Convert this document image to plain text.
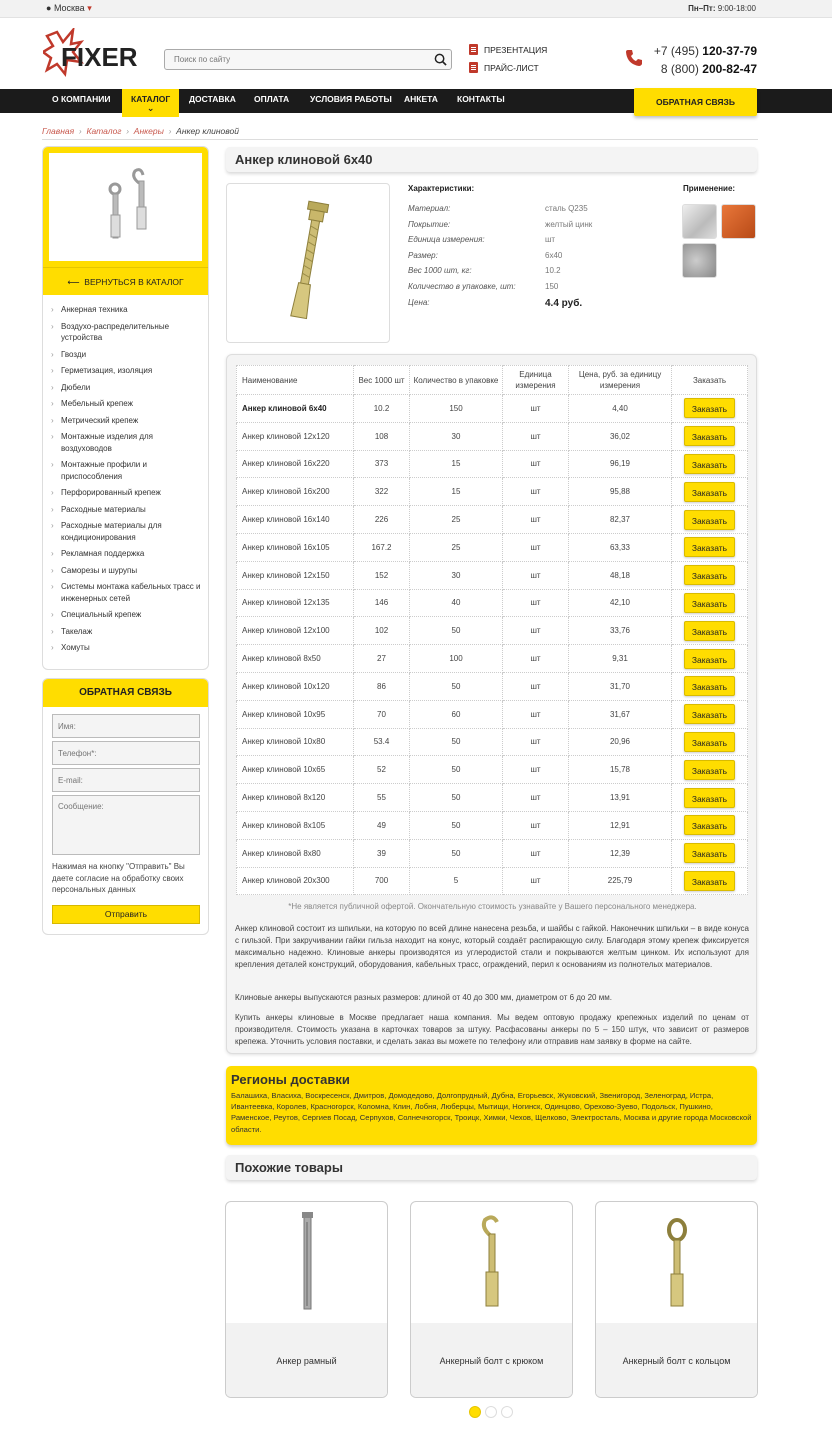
● Москва ▾	Пн–Пт: 9:00-18:00
FIXER
Поиск по сайту	ПРЕЗЕНТАЦИЯ
ПРАЙС-ЛИСТ
+7 (495) 120-37-79
8 (800) 200-82-47
О КОМПАНИИ	КАТАЛОГ ⌄	ДОСТАВКА	ОПЛАТА	УСЛОВИЯ РАБОТЫ	АНКЕТА	КОНТАКТЫ	ОБРАТНАЯ СВЯЗЬ
Главная  ›  Каталог  ›  Анкеры  ›  Анкер клиновой
⟵ ВЕРНУТЬСЯ В КАТАЛОГ
› Анкерная техника
› Воздухо-распределительные устройства
› Гвозди
› Герметизация, изоляция
› Дюбели
› Мебельный крепеж
› Метрический крепеж
› Монтажные изделия для воздуховодов
› Монтажные профили и приспособления
› Перфорированный крепеж
› Расходные материалы
› Расходные материалы для кондиционирования
› Рекламная поддержка
› Саморезы и шурупы
› Системы монтажа кабельных трасс и инженерных сетей
› Специальный крепеж
› Такелаж
› Хомуты
ОБРАТНАЯ СВЯЗЬ
Имя:
Телефон*:
E-mail:
Сообщение:
Нажимая на кнопку "Отправить" Вы даете согласие на обработку своих персональных данных
Отправить
Анкер клиновой 6х40
Характеристики:
Материал:	сталь Q235
Покрытие:	желтый цинк
Единица измерения:	шт
Размер:	6х40
Вес 1000 шт, кг:	10.2
Количество в упаковке, шт:	150
Цена:	4.4 руб.
Применение:
Наименование	Вес 1000 шт	Количество в упаковке	Единица измерения	Цена, руб. за единицу измерения	Заказать
Анкер клиновой 6х40	10.2	150	шт	4,40	Заказать
Анкер клиновой 12х120	108	30	шт	36,02	Заказать
Анкер клиновой 16х220	373	15	шт	96,19	Заказать
Анкер клиновой 16х200	322	15	шт	95,88	Заказать
Анкер клиновой 16х140	226	25	шт	82,37	Заказать
Анкер клиновой 16х105	167.2	25	шт	63,33	Заказать
Анкер клиновой 12х150	152	30	шт	48,18	Заказать
Анкер клиновой 12х135	146	40	шт	42,10	Заказать
Анкер клиновой 12х100	102	50	шт	33,76	Заказать
Анкер клиновой 8х50	27	100	шт	9,31	Заказать
Анкер клиновой 10х120	86	50	шт	31,70	Заказать
Анкер клиновой 10х95	70	60	шт	31,67	Заказать
Анкер клиновой 10х80	53.4	50	шт	20,96	Заказать
Анкер клиновой 10х65	52	50	шт	15,78	Заказать
Анкер клиновой 8х120	55	50	шт	13,91	Заказать
Анкер клиновой 8х105	49	50	шт	12,91	Заказать
Анкер клиновой 8х80	39	50	шт	12,39	Заказать
Анкер клиновой 20х300	700	5	шт	225,79	Заказать
*Не является публичной офертой. Окончательную стоимость узнавайте у Вашего персонального менеджера.
Анкер клиновой состоит из шпильки, на которую по всей длине нанесена резьба, и шайбы с гайкой. Наконечник шпильки – в виде конуса с гильзой. При закручивании гайки гильза находит на конус, который создаёт распирающую силу. Благодаря этому крепеж фиксируется максимально надежно. Клиновые анкеры производятся из углеродистой стали и покрываются желтым цинком. Их используют для крепления деталей конструкций, оборудования, кабельных трасс, ограждений, перил к основаниям из полнотелых материалов.
Клиновые анкеры выпускаются разных размеров: длиной от 40 до 300 мм, диаметром от 6 до 20 мм.
Купить анкеры клиновые в Москве предлагает наша компания. Мы ведем оптовую продажу крепежных изделий по ценам от производителя. Стоимость указана в карточках товаров за штуку. Расфасованы анкеры по 5 – 150 штук, что зависит от размеров крепежа. Уточнить условия поставки, и сделать заказ вы можете по телефону или отправив нам заявку в форме на сайте.
Регионы доставки
Балашиха, Власиха, Воскресенск, Дмитров, Домодедово, Долгопрудный, Дубна, Егорьевск, Жуковский, Звенигород, Зеленоград, Истра, Ивантеевка, Королев, Красногорск, Коломна, Клин, Лобня, Люберцы, Мытищи, Ногинск, Одинцово, Орехово-Зуево, Подольск, Пушкино, Раменское, Реутов, Сергиев Посад, Серпухов, Солнечногорск, Троицк, Химки, Чехов, Щелково, Электросталь, Москва и другие города Московской области.
Похожие товары
Анкер рамный	Анкерный болт с крюком	Анкерный болт с кольцом
